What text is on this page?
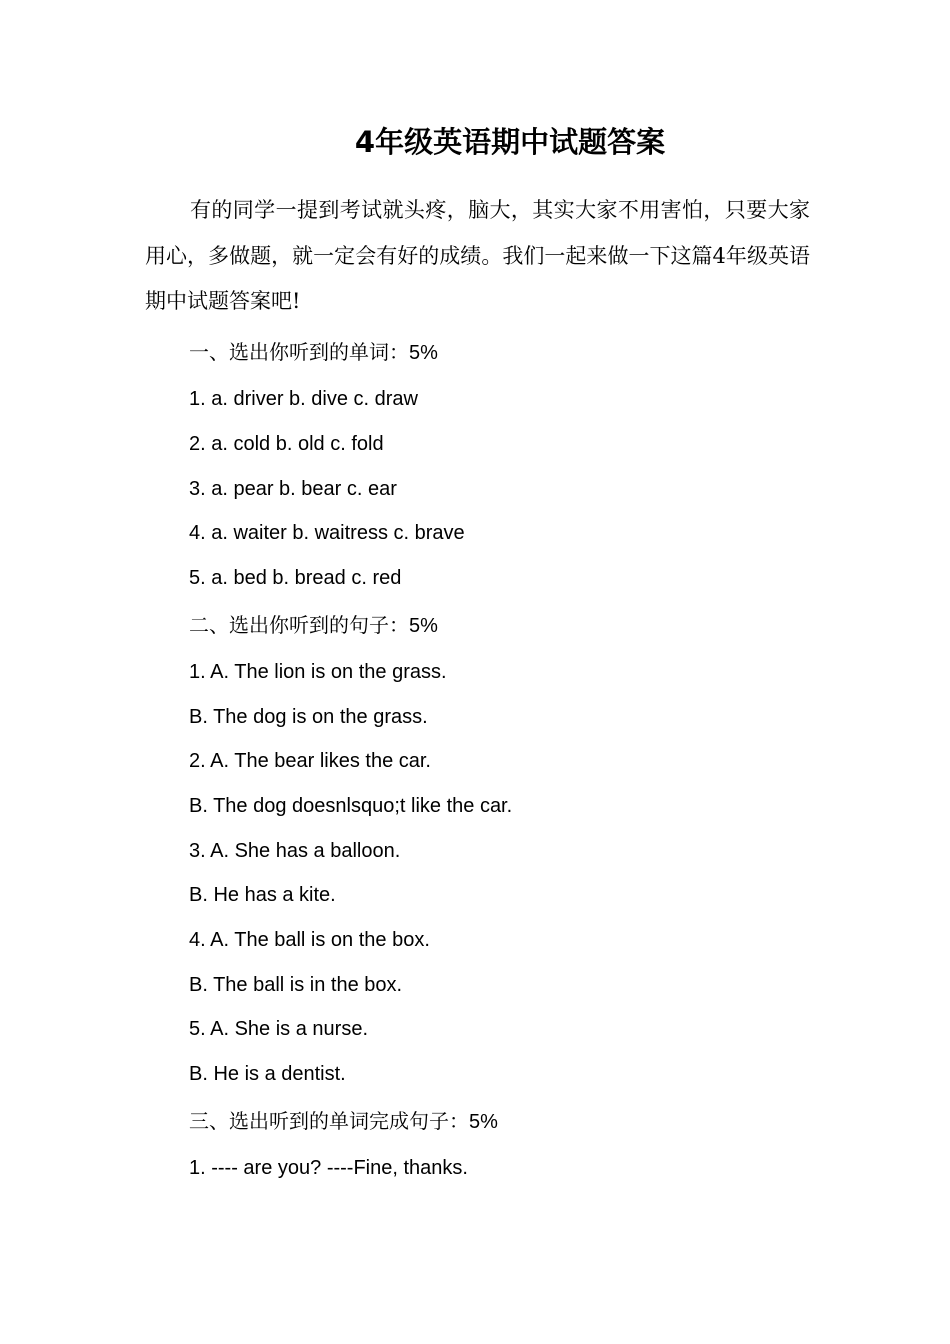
4年级英语期中试题答案
有的同学一提到考试就头疼，脑大，其实大家不用害怕，只要大家用心，多做题，就一定会有好的成绩。我们一起来做一下这篇4年级英语期中试题答案吧!
一、选出你听到的单词：5%
1. a. driver b. dive c. draw
2. a. cold b. old c. fold
3. a. pear b. bear c. ear
4. a. waiter b. waitress c. brave
5. a. bed b. bread c. red
二、选出你听到的句子：5%
1. A. The lion is on the grass.
B. The dog is on the grass.
2. A. The bear likes the car.
B. The dog doesnlsquo;t like the car.
3. A. She has a balloon.
B. He has a kite.
4. A. The ball is on the box.
B. The ball is in the box.
5. A. She is a nurse.
B. He is a dentist.
三、选出听到的单词完成句子：5%
1. ---- are you? ----Fine, thanks.
